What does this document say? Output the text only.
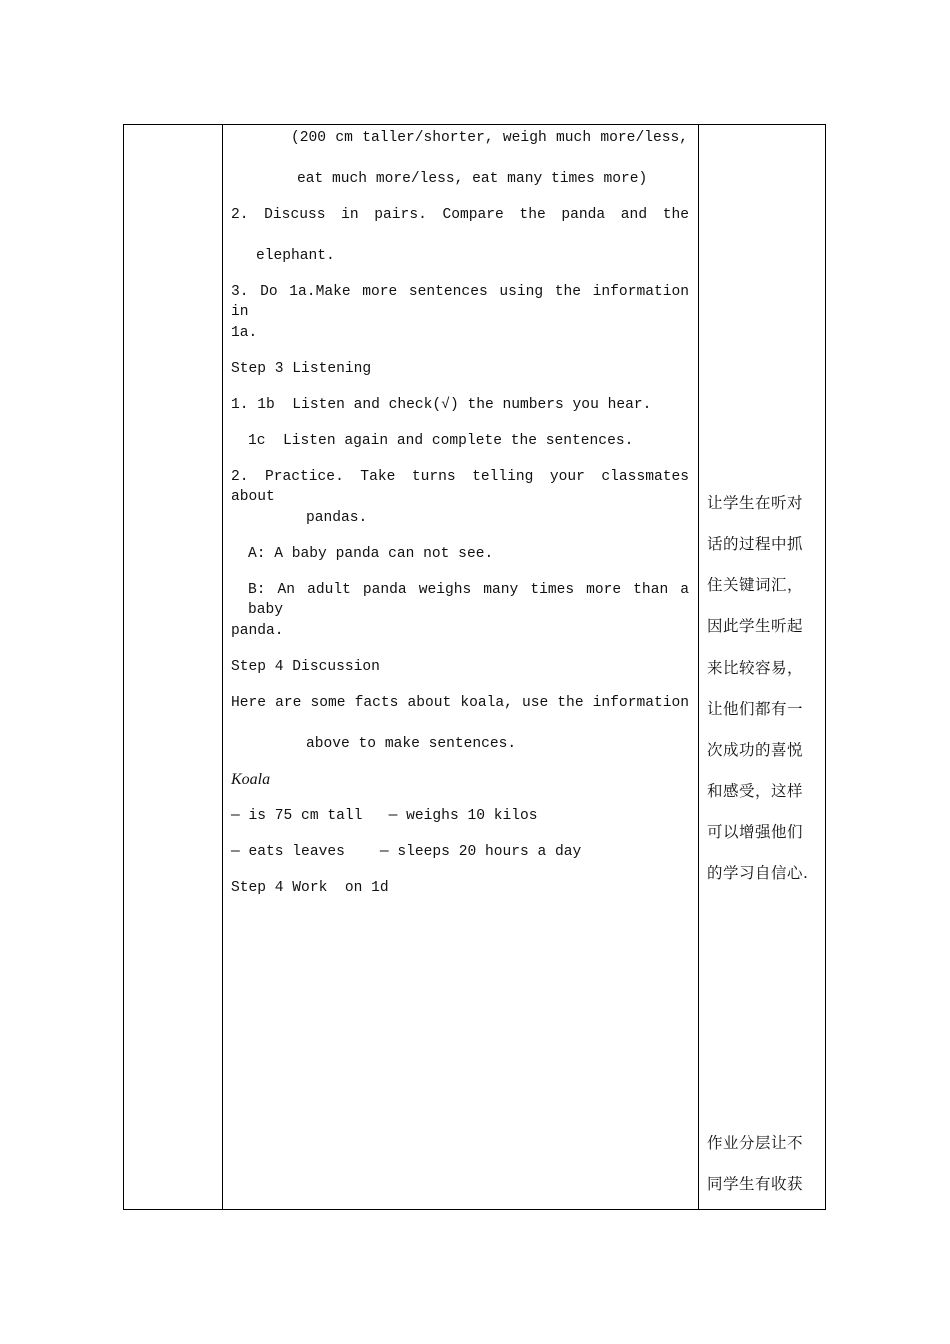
(200 cm taller/shorter, weigh much more/less,
eat much more/less, eat many times more)
2. Discuss in pairs. Compare the panda and the
elephant.
3. Do 1a.Make more sentences using the information in
1a.
Step 3 Listening
1. 1b  Listen and check(√) the numbers you hear.
1c  Listen again and complete the sentences.
2. Practice. Take turns telling your classmates about
pandas.
A: A baby panda can not see.
B: An adult panda weighs many times more than a baby
panda.
Step 4 Discussion
Here are some facts about koala, use the information
above to make sentences.
Koala
— is 75 cm tall   — weighs 10 kilos
— eats leaves    — sleeps 20 hours a day
Step 4 Work  on 1d
让学生在听对
话的过程中抓
住关键词汇，
因此学生听起
来比较容易，
让他们都有一
次成功的喜悦
和感受，这样
可以增强他们
的学习自信心.
作业分层让不
同学生有收获
